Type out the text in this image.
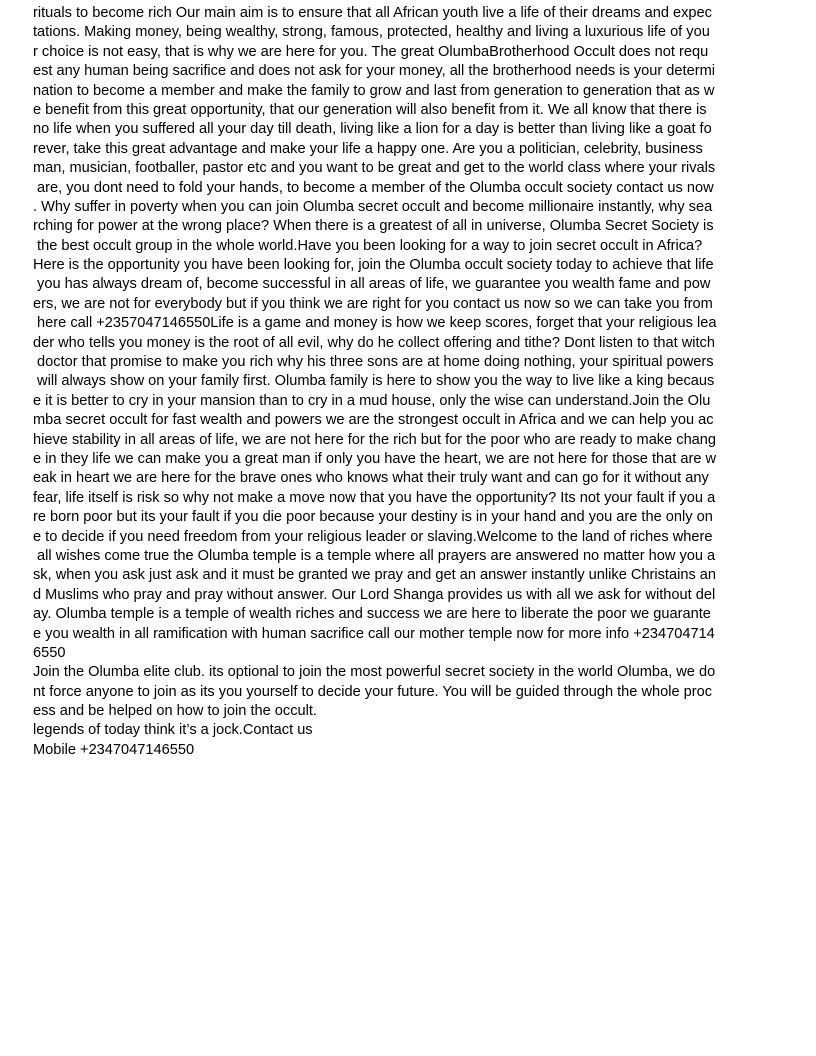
rituals to become rich Our main aim is to ensure that all African youth live a life of their dreams and expec
tations. Making money, being wealthy, strong, famous, protected, healthy and living a luxurious life of you
r choice is not easy, that is why we are here for you. The great OlumbaBrotherhood Occult does not requ
est any human being sacrifice and does not ask for your money, all the brotherhood needs is your determi
nation to become a member and make the family to grow and last from generation to generation that as w
e benefit from this great opportunity, that our generation will also benefit from it. We all know that there is
no life when you suffered all your day till death, living like a lion for a day is better than living like a goat fo
rever, take this great advantage and make your life a happy one. Are you a politician, celebrity, business
man, musician, footballer, pastor etc and you want to be great and get to the world class where your rivals
are, you dont need to fold your hands, to become a member of the Olumba occult society contact us now
. Why suffer in poverty when you can join Olumba secret occult and become millionaire instantly, why sea
rching for power at the wrong place? When there is a greatest of all in universe, Olumba Secret Society is
the best occult group in the whole world.Have you been looking for a way to join secret occult in Africa?
Here is the opportunity you have been looking for, join the Olumba occult society today to achieve that life
you has always dream of, become successful in all areas of life, we guarantee you wealth fame and pow
ers, we are not for everybody but if you think we are right for you contact us now so we can take you from
here call +2357047146550Life is a game and money is how we keep scores, forget that your religious lea
der who tells you money is the root of all evil, why do he collect offering and tithe? Dont listen to that witch
doctor that promise to make you rich why his three sons are at home doing nothing, your spiritual powers
will always show on your family first. Olumba family is here to show you the way to live like a king becaus
e it is better to cry in your mansion than to cry in a mud house, only the wise can understand.Join the Olu
mba secret occult for fast wealth and powers we are the strongest occult in Africa and we can help you ac
hieve stability in all areas of life, we are not here for the rich but for the poor who are ready to make chang
e in they life we can make you a great man if only you have the heart, we are not here for those that are w
eak in heart we are here for the brave ones who knows what their truly want and can go for it without any
fear, life itself is risk so why not make a move now that you have the opportunity? Its not your fault if you a
re born poor but its your fault if you die poor because your destiny is in your hand and you are the only on
e to decide if you need freedom from your religious leader or slaving.Welcome to the land of riches where
all wishes come true the Olumba temple is a temple where all prayers are answered no matter how you a
sk, when you ask just ask and it must be granted we pray and get an answer instantly unlike Christains an
d Muslims who pray and pray without answer. Our Lord Shanga provides us with all we ask for without del
ay. Olumba temple is a temple of wealth riches and success we are here to liberate the poor we guarante
e you wealth in all ramification with human sacrifice call our mother temple now for more info +234704714
6550
Join the Olumba elite club. its optional to join the most powerful secret society in the world Olumba, we do
nt force anyone to join as its you yourself to decide your future. You will be guided through the whole proc
ess and be helped on how to join the occult.
legends of today think it’s a jock.Contact us
Mobile +2347047146550
